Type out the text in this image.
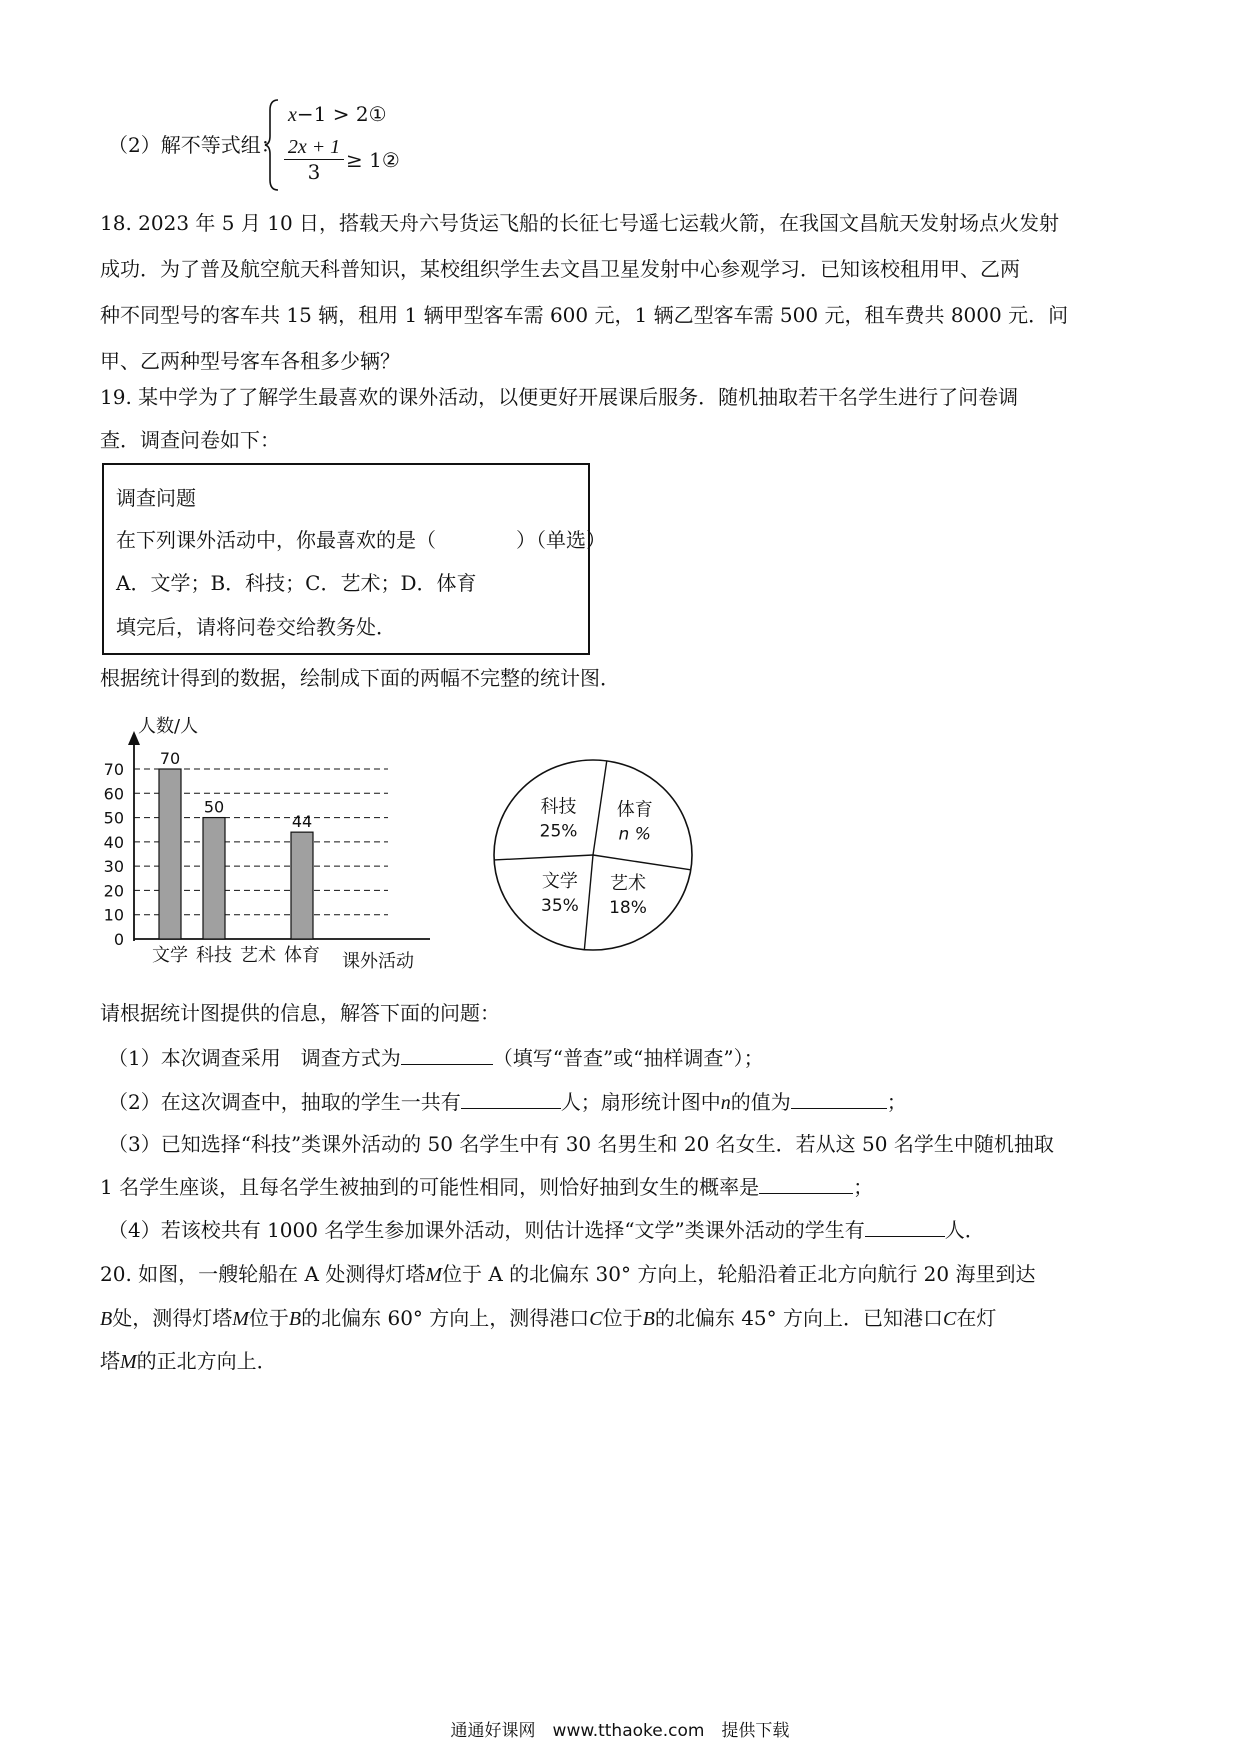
（2）解不等式组：
x−1 > 2①
$\frac{2x + 1}{3}$ ≥ 1②
18. 2023 年 5 月 10 日，搭载天舟六号货运飞船的长征七号遥七运载火箭，在我国文昌航天发射场点火发射
成功．为了普及航空航天科普知识，某校组织学生去文昌卫星发射中心参观学习．已知该校租用甲、乙两
种不同型号的客车共 15 辆，租用 1 辆甲型客车需 600 元，1 辆乙型客车需 500 元，租车费共 8000 元．问
甲、乙两种型号客车各租多少辆？
19. 某中学为了了解学生最喜欢的课外活动，以便更好开展课后服务．随机抽取若干名学生进行了问卷调
查．调查问卷如下：
调查问题
在下列课外活动中，你最喜欢的是（　　　　）（单选）
A．文学；B．科技；C．艺术；D．体育
填完后，请将问卷交给教务处．
根据统计得到的数据，绘制成下面的两幅不完整的统计图．
人数/人
课外活动
0
10
20
30
40
50
60
70
70
文学
50
科技 艺术
44
体育
科技
25%
体育
n %
艺术
18%
文学
35%
请根据统计图提供的信息，解答下面的问题：
（1）本次调查采用　调查方式为	（填写“普查”或“抽样调查”）；
（2）在这次调查中，抽取的学生一共有	人；扇形统计图中n的值为	；
（3）已知选择“科技”类课外活动的 50 名学生中有 30 名男生和 20 名女生．若从这 50 名学生中随机抽取
1 名学生座谈，且每名学生被抽到的可能性相同，则恰好抽到女生的概率是	；
（4）若该校共有 1000 名学生参加课外活动，则估计选择“文学”类课外活动的学生有	人．
20. 如图，一艘轮船在 A 处测得灯塔M位于 A 的北偏东 30° 方向上，轮船沿着正北方向航行 20 海里到达
B处，测得灯塔M位于B的北偏东 60° 方向上，测得港口C位于B的北偏东 45° 方向上．已知港口C在灯
塔M的正北方向上．
通通好课网　www.tthaoke.com　提供下载
